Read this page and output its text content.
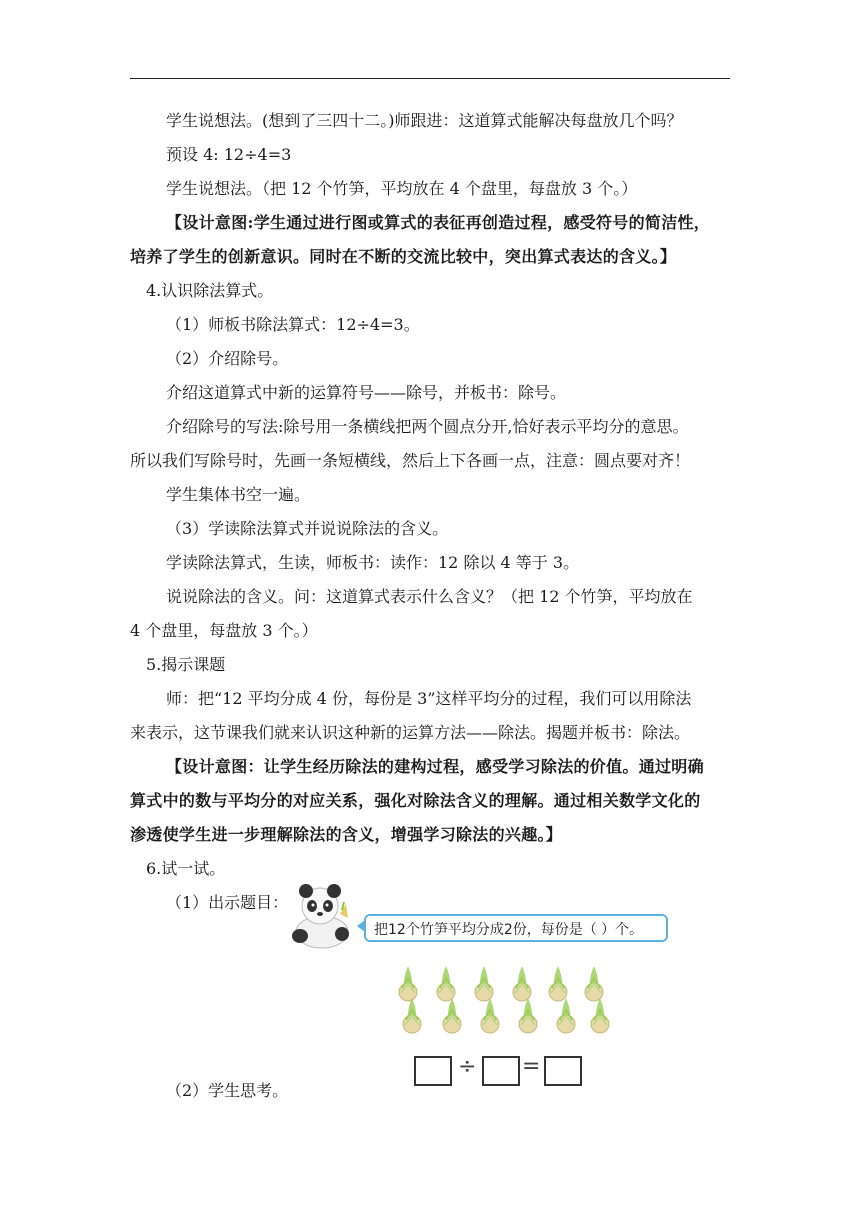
学生说想法。(想到了三四十二。)师跟进：这道算式能解决每盘放几个吗？
预设 4: 12÷4=3
学生说想法。（把 12 个竹笋，平均放在 4 个盘里，每盘放 3 个。）
【设计意图:学生通过进行图或算式的表征再创造过程，感受符号的简洁性，
培养了学生的创新意识。同时在不断的交流比较中，突出算式表达的含义。】
4.认识除法算式。
（1）师板书除法算式：12÷4=3。
（2）介绍除号。
介绍这道算式中新的运算符号——除号，并板书：除号。
介绍除号的写法:除号用一条横线把两个圆点分开,恰好表示平均分的意思。
所以我们写除号时，先画一条短横线，然后上下各画一点，注意：圆点要对齐！
学生集体书空一遍。
（3）学读除法算式并说说除法的含义。
学读除法算式，生读，师板书：读作：12 除以 4 等于 3。
说说除法的含义。问：这道算式表示什么含义？（把 12 个竹笋，平均放在
4 个盘里，每盘放 3 个。）
5.揭示课题
师：把“12 平均分成 4 份，每份是 3”这样平均分的过程，我们可以用除法
来表示，这节课我们就来认识这种新的运算方法——除法。揭题并板书：除法。
【设计意图：让学生经历除法的建构过程，感受学习除法的价值。通过明确
算式中的数与平均分的对应关系，强化对除法含义的理解。通过相关数学文化的
渗透使学生进一步理解除法的含义，增强学习除法的兴趣。】
6.试一试。
（1）出示题目：
（2）学生思考。
把12个竹笋平均分成2份，每份是（ ）个。
÷ =
